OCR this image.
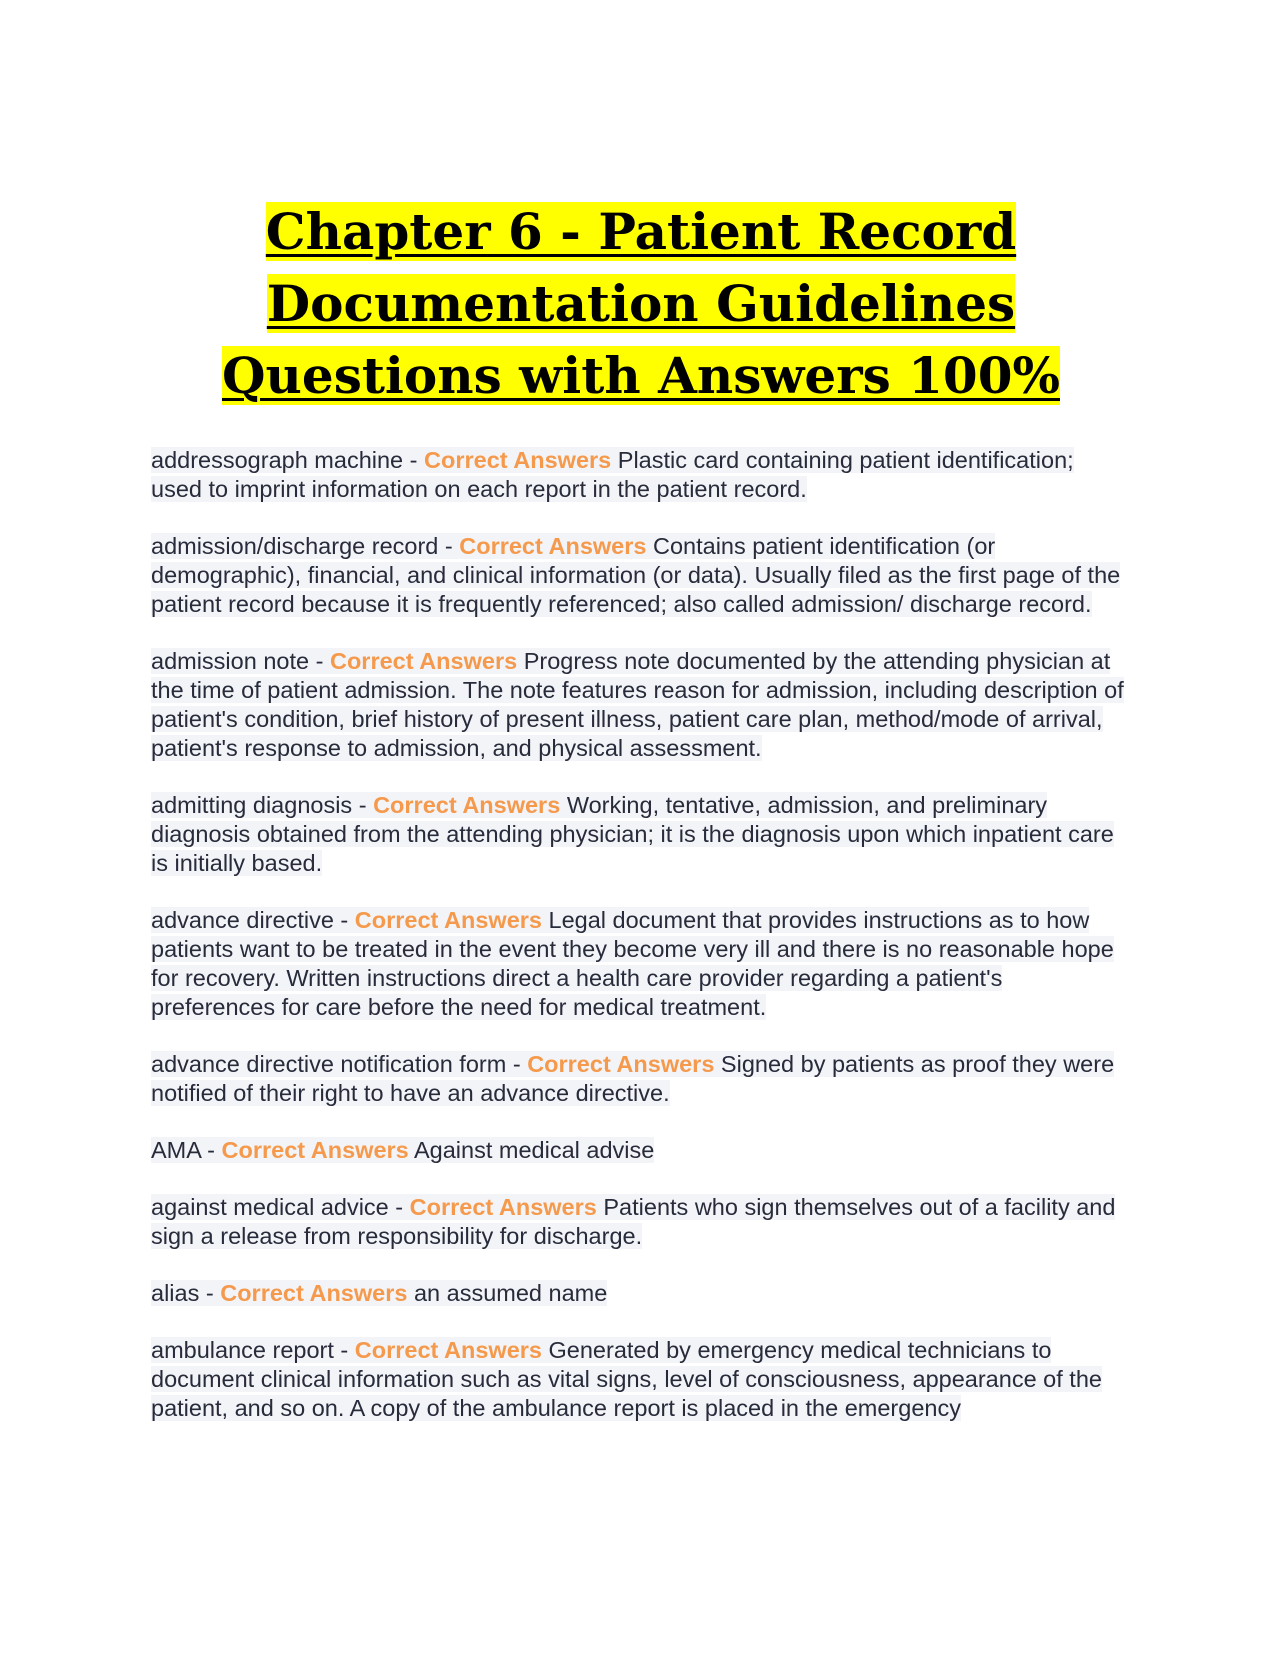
Chapter 6 - Patient Record Documentation Guidelines Questions with Answers 100%

addressograph machine - Correct Answers Plastic card containing patient identification; used to imprint information on each report in the patient record.

admission/discharge record - Correct Answers Contains patient identification (or demographic), financial, and clinical information (or data). Usually filed as the first page of the patient record because it is frequently referenced; also called admission/ discharge record.

admission note - Correct Answers Progress note documented by the attending physician at the time of patient admission. The note features reason for admission, including description of patient's condition, brief history of present illness, patient care plan, method/mode of arrival, patient's response to admission, and physical assessment.

admitting diagnosis - Correct Answers Working, tentative, admission, and preliminary diagnosis obtained from the attending physician; it is the diagnosis upon which inpatient care is initially based.

advance directive - Correct Answers Legal document that provides instructions as to how patients want to be treated in the event they become very ill and there is no reasonable hope for recovery. Written instructions direct a health care provider regarding a patient's preferences for care before the need for medical treatment.

advance directive notification form - Correct Answers Signed by patients as proof they were notified of their right to have an advance directive.

AMA - Correct Answers Against medical advise

against medical advice - Correct Answers Patients who sign themselves out of a facility and sign a release from responsibility for discharge.

alias - Correct Answers an assumed name

ambulance report - Correct Answers Generated by emergency medical technicians to document clinical information such as vital signs, level of consciousness, appearance of the patient, and so on. A copy of the ambulance report is placed in the emergency
